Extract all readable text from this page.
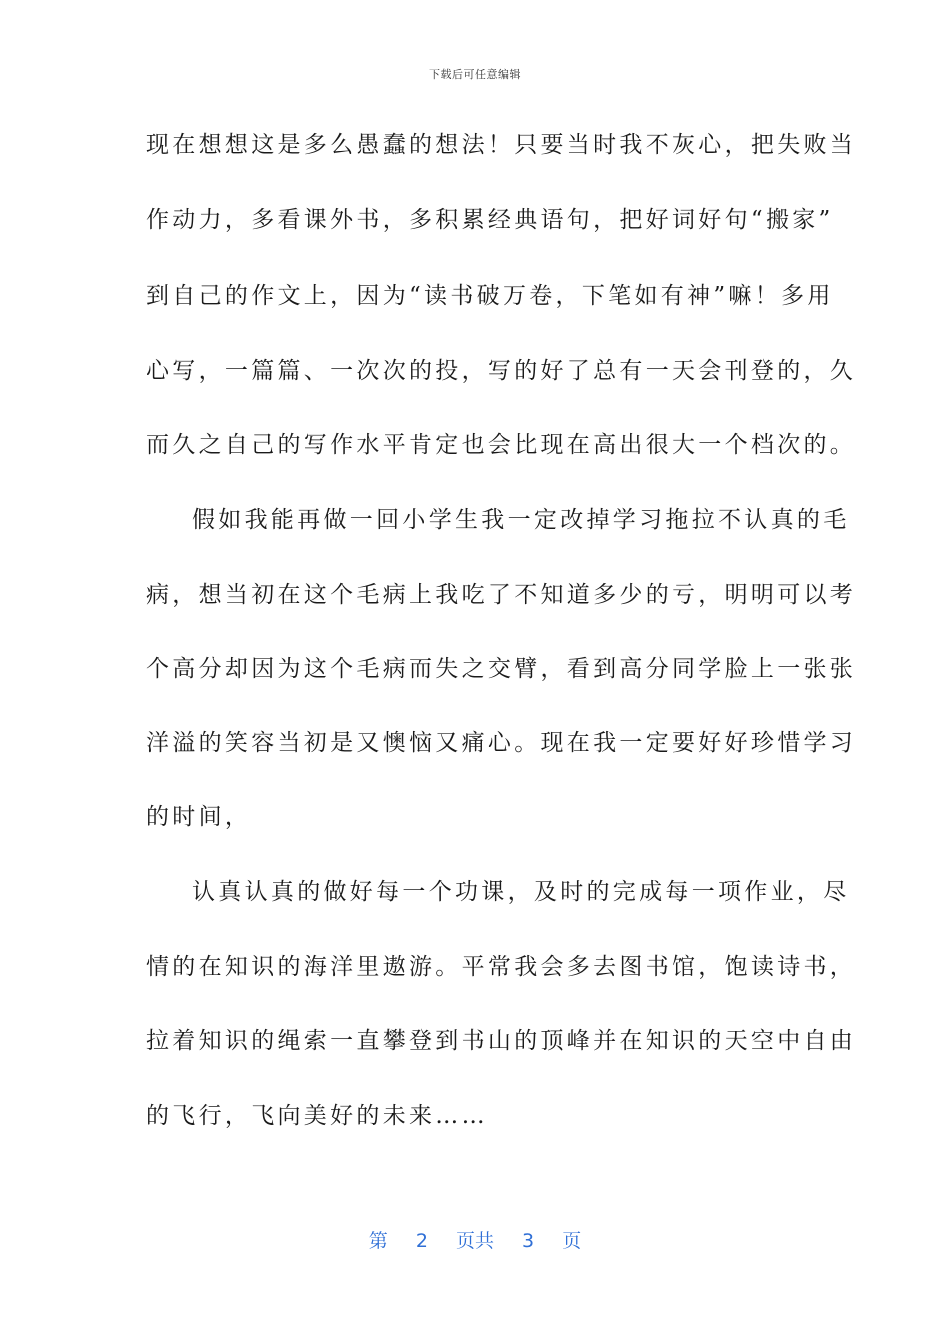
下载后可任意编辑
现在想想这是多么愚蠢的想法！只要当时我不灰心，把失败当
作动力，多看课外书，多积累经典语句，把好词好句“搬家”
到自己的作文上，因为“读书破万卷，下笔如有神”嘛！多用
心写，一篇篇、一次次的投，写的好了总有一天会刊登的，久
而久之自己的写作水平肯定也会比现在高出很大一个档次的。
假如我能再做一回小学生我一定改掉学习拖拉不认真的毛
病，想当初在这个毛病上我吃了不知道多少的亏，明明可以考
个高分却因为这个毛病而失之交臂，看到高分同学脸上一张张
洋溢的笑容当初是又懊恼又痛心。现在我一定要好好珍惜学习
的时间，
认真认真的做好每一个功课，及时的完成每一项作业，尽
情的在知识的海洋里遨游。平常我会多去图书馆，饱读诗书，
拉着知识的绳索一直攀登到书山的顶峰并在知识的天空中自由
的飞行，飞向美好的未来……
第 2 页共 3 页
